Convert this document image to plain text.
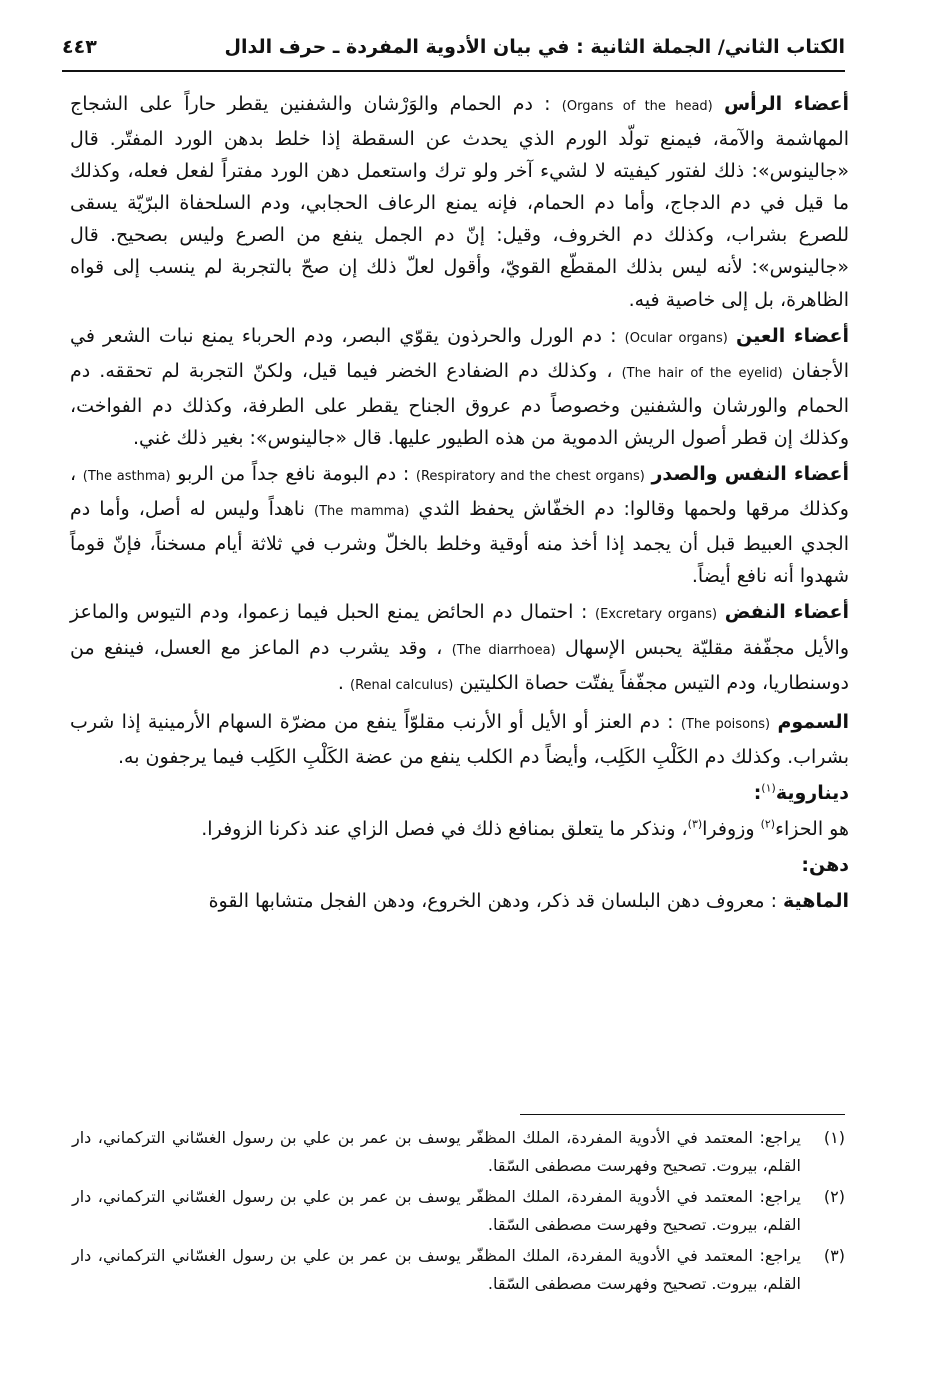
الكتاب الثاني/ الجملة الثانية : في بيان الأدوية المفردة ـ حرف الدال
٤٤٣

أعضاء الرأس (Organs of the head) : دم الحمام والوَرْشان والشفنين يقطر حاراً على الشجاج المهاشمة والآمة، فيمنع تولّد الورم الذي يحدث عن السقطة إذا خلط بدهن الورد المفتّر. قال «جالينوس»: ذلك لفتور كيفيته لا لشيء آخر ولو ترك واستعمل دهن الورد مفتراً لفعل فعله، وكذلك ما قيل في دم الدجاج، وأما دم الحمام، فإنه يمنع الرعاف الحجابي، ودم السلحفاة البرّيّة يسقى للصرع بشراب، وكذلك دم الخروف، وقيل: إنّ دم الجمل ينفع من الصرع وليس بصحيح. قال «جالينوس»: لأنه ليس بذلك المقطّع القويّ، وأقول لعلّ ذلك إن صحّ بالتجربة لم ينسب إلى قواه الظاهرة، بل إلى خاصية فيه.

أعضاء العين (Ocular organs) : دم الورل والحرذون يقوّي البصر، ودم الحرباء يمنع نبات الشعر في الأجفان (The hair of the eyelid) ، وكذلك دم الضفادع الخضر فيما قيل، ولكنّ التجربة لم تحققه. دم الحمام والورشان والشفنين وخصوصاً دم عروق الجناح يقطر على الطرفة، وكذلك دم الفواخت، وكذلك إن قطر أصول الريش الدموية من هذه الطيور عليها. قال «جالينوس»: بغير ذلك غني.

أعضاء النفس والصدر (Respiratory and the chest organs) : دم البومة نافع جداً من الربو (The asthma) ، وكذلك مرقها ولحمها وقالوا: دم الخفّاش يحفظ الثدي (The mamma) ناهداً وليس له أصل، وأما دم الجدي العبيط قبل أن يجمد إذا أخذ منه أوقية وخلط بالخلّ وشرب في ثلاثة أيام مسخناً، فإنّ قوماً شهدوا أنه نافع أيضاً.

أعضاء النفض (Excretary organs) : احتمال دم الحائض يمنع الحبل فيما زعموا، ودم التيوس والماعز والأيل مجفّفة مقليّة يحبس الإسهال (The diarrhoea) ، وقد يشرب دم الماعز مع العسل، فينفع من دوسنطاريا، ودم التيس مجفّفاً يفتّت حصاة الكليتين (Renal calculus) .

السموم (The poisons) : دم العنز أو الأيل أو الأرنب مقلوّاً ينفع من مضرّة السهام الأرمينية إذا شرب بشراب. وكذلك دم الكَلْبِ الكَلِب، وأيضاً دم الكلب ينفع من عضة الكَلْبِ الكَلِب فيما يرجفون به.

ديناروية$^{(١)}$:

هو الحزاء$^{(٢)}$ وزوفرا$^{(٣)}$، ونذكر ما يتعلق بمنافع ذلك في فصل الزاي عند ذكرنا الزوفرا.

دهن:

الماهية : معروف دهن البلسان قد ذكر، ودهن الخروع، ودهن الفجل متشابها القوة

(١)
يراجع: المعتمد في الأدوية المفردة، الملك المظفّر يوسف بن عمر بن علي بن رسول الغسّاني التركماني، دار القلم، بيروت. تصحيح وفهرست مصطفى السّقا.
(٢)
يراجع: المعتمد في الأدوية المفردة، الملك المظفّر يوسف بن عمر بن علي بن رسول الغسّاني التركماني، دار القلم، بيروت. تصحيح وفهرست مصطفى السّقا.
(٣)
يراجع: المعتمد في الأدوية المفردة، الملك المظفّر يوسف بن عمر بن علي بن رسول الغسّاني التركماني، دار القلم، بيروت. تصحيح وفهرست مصطفى السّقا.
